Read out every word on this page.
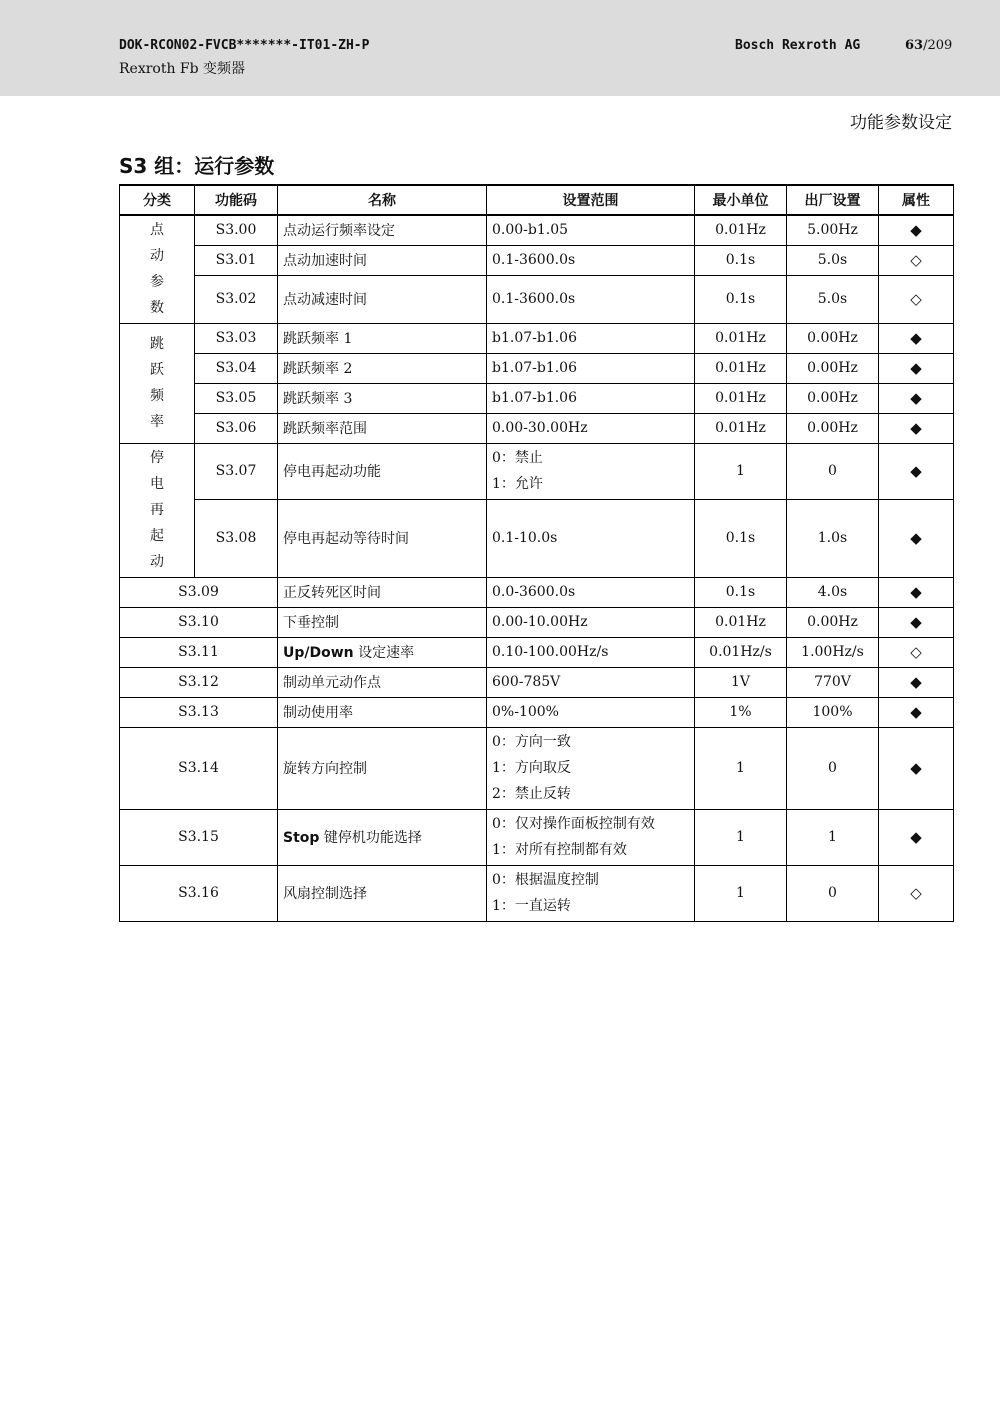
DOK-RCON02-FVCB*******-IT01-ZH-P
Rexroth Fb 变频器
Bosch Rexroth AG	63/209
功能参数设定
S3 组：运行参数
分类	功能码	名称	设置范围	最小单位	出厂设置	属性

点
动
参
数	S3.00	点动运行频率设定	0.00-b1.05	0.01Hz	5.00Hz	◆
	S3.01	点动加速时间	0.1-3600.0s	0.1s	5.0s	◇
	S3.02	点动减速时间	0.1-3600.0s	0.1s	5.0s	◇

跳
跃
频
率	S3.03	跳跃频率 1	b1.07-b1.06	0.01Hz	0.00Hz	◆
	S3.04	跳跃频率 2	b1.07-b1.06	0.01Hz	0.00Hz	◆
	S3.05	跳跃频率 3	b1.07-b1.06	0.01Hz	0.00Hz	◆
	S3.06	跳跃频率范围	0.00-30.00Hz	0.01Hz	0.00Hz	◆

停
电
再
起
动	S3.07	停电再起动功能	0：禁止
1：允许	1	0	◆
	S3.08	停电再起动等待时间	0.1-10.0s	0.1s	1.0s	◆
S3.09		正反转死区时间	0.0-3600.0s	0.1s	4.0s	◆
S3.10		下垂控制	0.00-10.00Hz	0.01Hz	0.00Hz	◆
S3.11		Up/Down 设定速率	0.10-100.00Hz/s	0.01Hz/s	1.00Hz/s	◇
S3.12		制动单元动作点	600-785V	1V	770V	◆
S3.13		制动使用率	0%-100%	1%	100%	◆
S3.14		旋转方向控制	0：方向一致
1：方向取反
2：禁止反转	1	0	◆
S3.15		Stop 键停机功能选择	0：仅对操作面板控制有效
1：对所有控制都有效	1	1	◆
S3.16		风扇控制选择	0：根据温度控制
1：一直运转	1	0	◇
